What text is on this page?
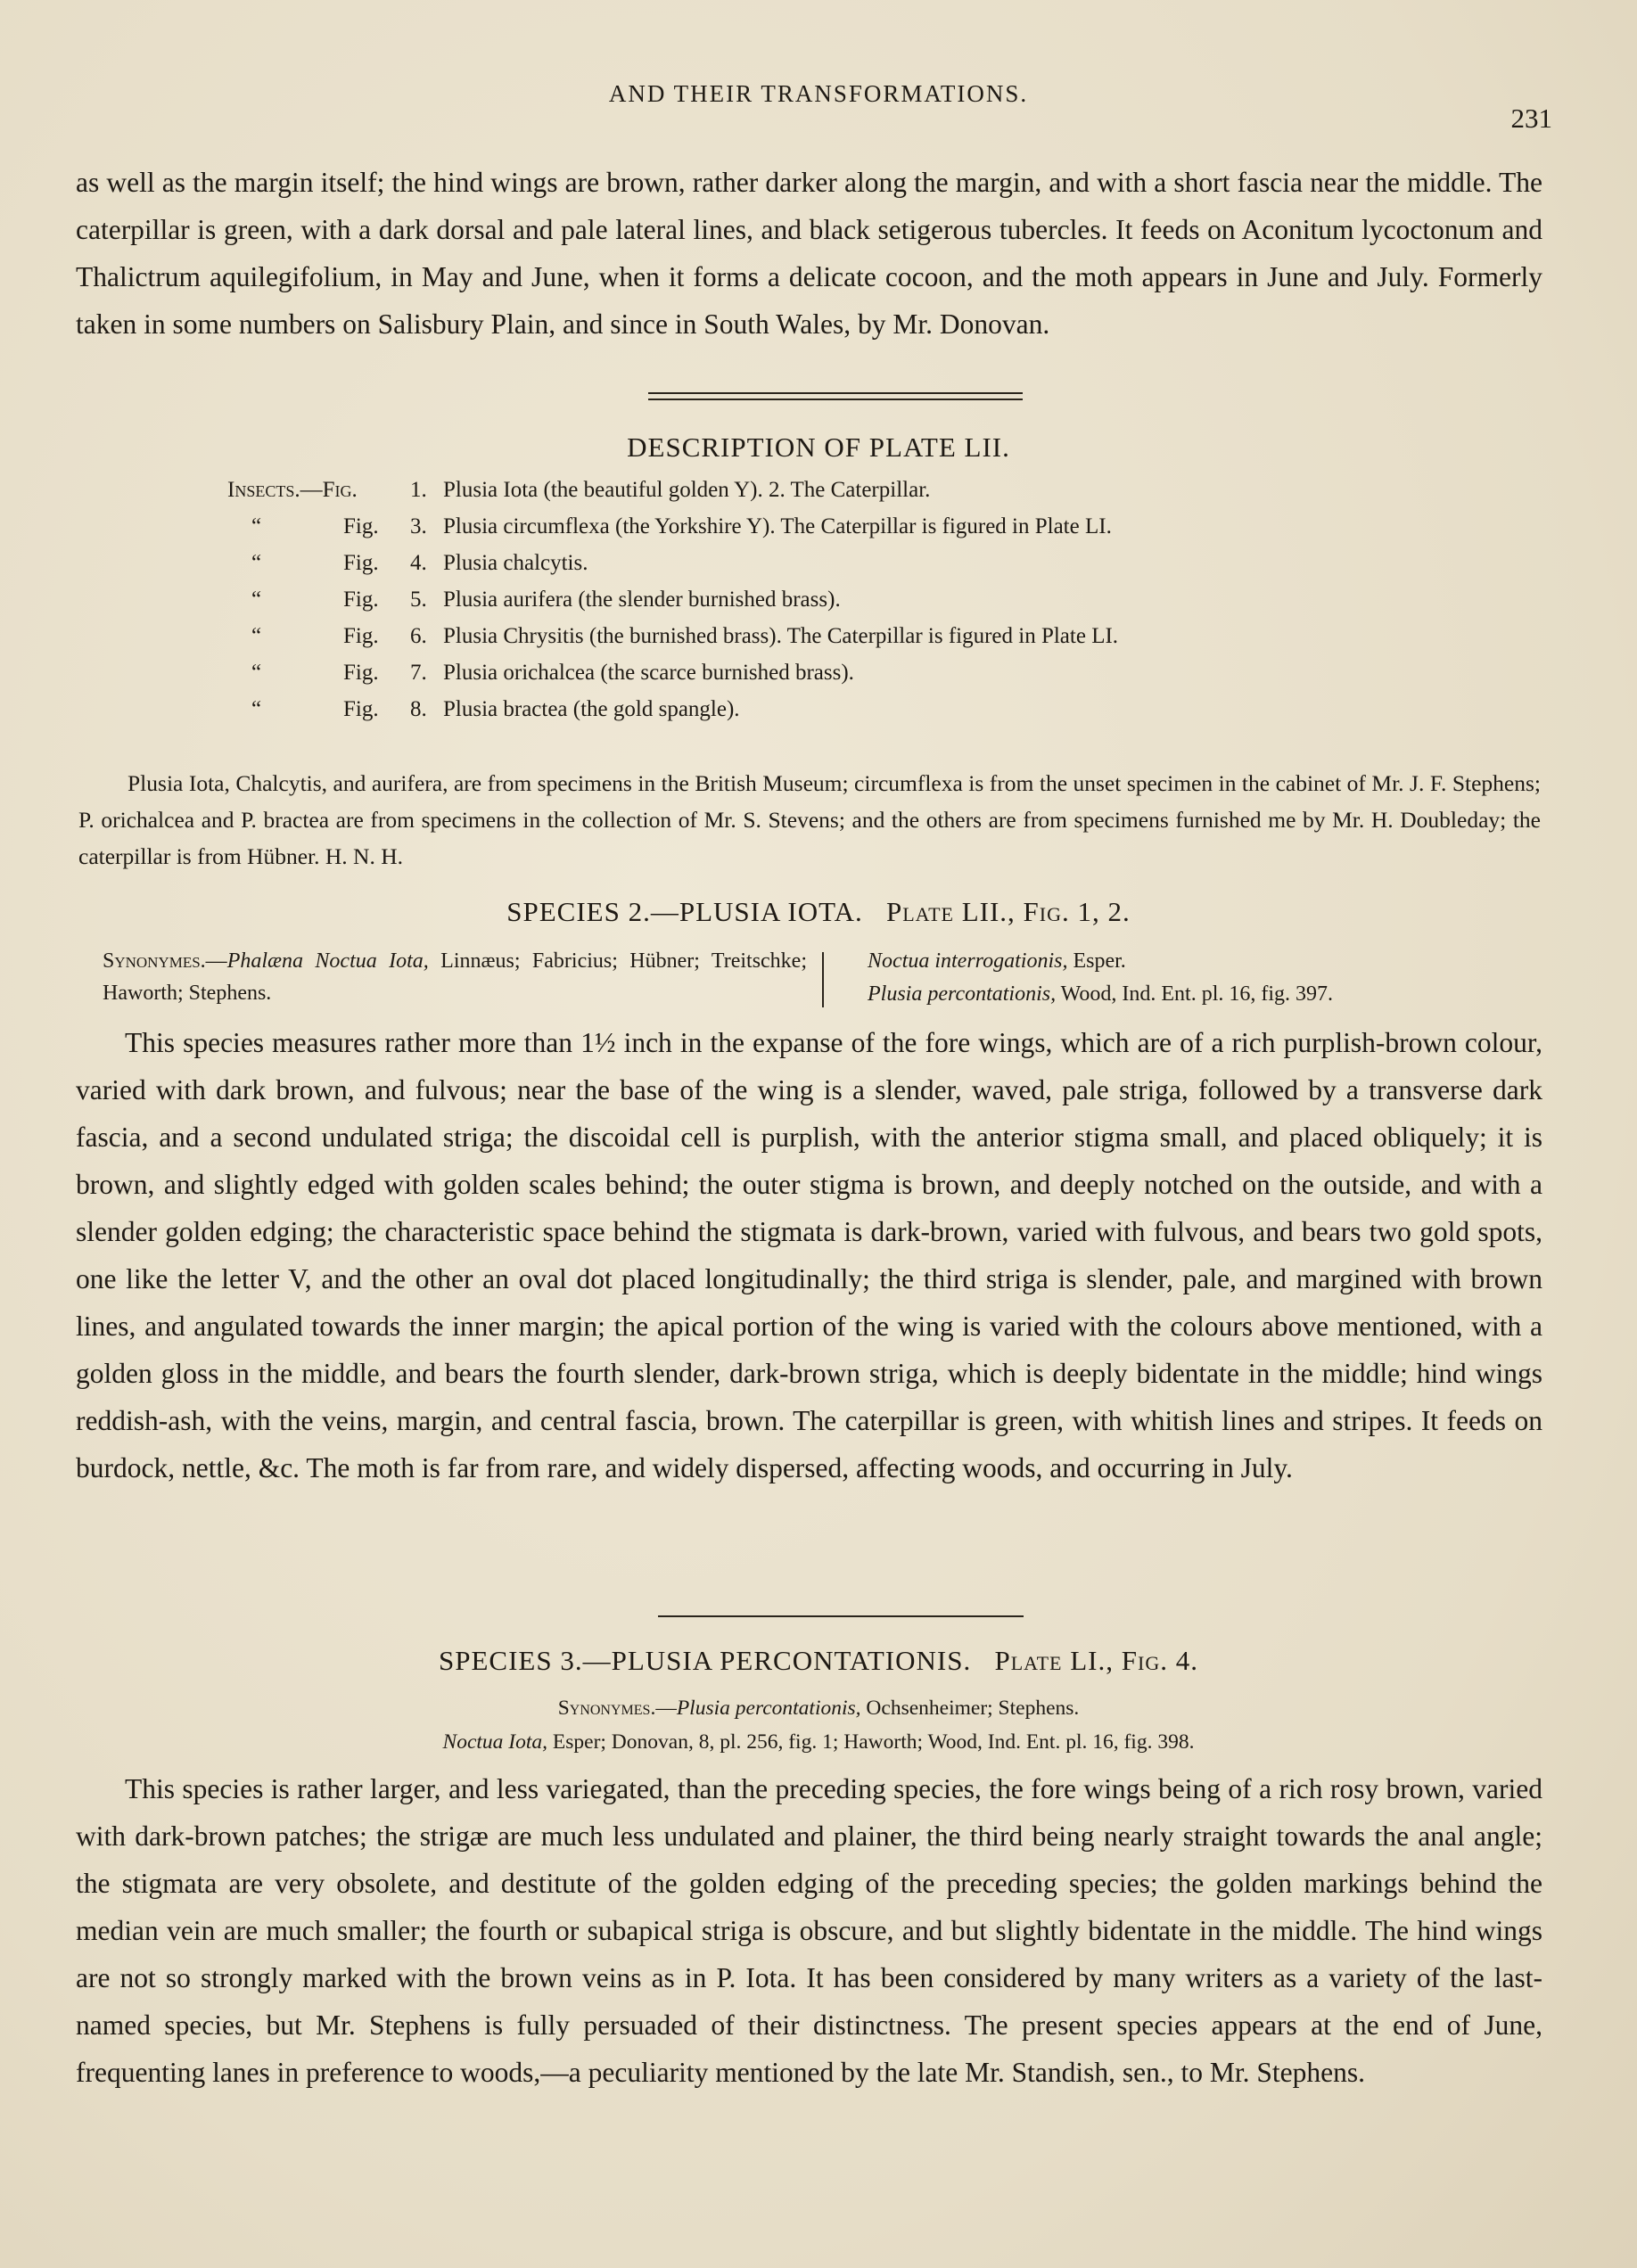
AND THEIR TRANSFORMATIONS.
231

as well as the margin itself; the hind wings are brown, rather darker along the margin, and with a short fascia near the middle. The caterpillar is green, with a dark dorsal and pale lateral lines, and black setigerous tubercles. It feeds on Aconitum lycoctonum and Thalictrum aquilegifolium, in May and June, when it forms a delicate cocoon, and the moth appears in June and July. Formerly taken in some numbers on Salisbury Plain, and since in South Wales, by Mr. Donovan.

DESCRIPTION OF PLATE LII.
Insects.—Fig. 1. Plusia Iota (the beautiful golden Y). 2. The Caterpillar.
“	Fig. 3. Plusia circumflexa (the Yorkshire Y). The Caterpillar is figured in Plate LI.
“	Fig. 4. Plusia chalcytis.
“	Fig. 5. Plusia aurifera (the slender burnished brass).
“	Fig. 6. Plusia Chrysitis (the burnished brass). The Caterpillar is figured in Plate LI.
“	Fig. 7. Plusia orichalcea (the scarce burnished brass).
“	Fig. 8. Plusia bractea (the gold spangle).

Plusia Iota, Chalcytis, and aurifera, are from specimens in the British Museum; circumflexa is from the unset specimen in the cabinet of Mr. J. F. Stephens; P. orichalcea and P. bractea are from specimens in the collection of Mr. S. Stevens; and the others are from specimens furnished me by Mr. H. Doubleday; the caterpillar is from Hübner. H. N. H.

SPECIES 2.—PLUSIA IOTA. Plate LII., Fig. 1, 2.
Synonymes.—Phalæna Noctua Iota, Linnæus; Fabricius; Hübner; Treitschke; Haworth; Stephens.
Noctua interrogationis, Esper.
Plusia percontationis, Wood, Ind. Ent. pl. 16, fig. 397.

This species measures rather more than 1½ inch in the expanse of the fore wings, which are of a rich purplish-brown colour, varied with dark brown, and fulvous; near the base of the wing is a slender, waved, pale striga, followed by a transverse dark fascia, and a second undulated striga; the discoidal cell is purplish, with the anterior stigma small, and placed obliquely; it is brown, and slightly edged with golden scales behind; the outer stigma is brown, and deeply notched on the outside, and with a slender golden edging; the characteristic space behind the stigmata is dark-brown, varied with fulvous, and bears two gold spots, one like the letter V, and the other an oval dot placed longitudinally; the third striga is slender, pale, and margined with brown lines, and angulated towards the inner margin; the apical portion of the wing is varied with the colours above mentioned, with a golden gloss in the middle, and bears the fourth slender, dark-brown striga, which is deeply bidentate in the middle; hind wings reddish-ash, with the veins, margin, and central fascia, brown. The caterpillar is green, with whitish lines and stripes. It feeds on burdock, nettle, &c. The moth is far from rare, and widely dispersed, affecting woods, and occurring in July.

SPECIES 3.—PLUSIA PERCONTATIONIS. Plate LI., Fig. 4.
Synonymes.—Plusia percontationis, Ochsenheimer; Stephens.
Noctua Iota, Esper; Donovan, 8, pl. 256, fig. 1; Haworth; Wood, Ind. Ent. pl. 16, fig. 398.

This species is rather larger, and less variegated, than the preceding species, the fore wings being of a rich rosy brown, varied with dark-brown patches; the strigæ are much less undulated and plainer, the third being nearly straight towards the anal angle; the stigmata are very obsolete, and destitute of the golden edging of the preceding species; the golden markings behind the median vein are much smaller; the fourth or subapical striga is obscure, and but slightly bidentate in the middle. The hind wings are not so strongly marked with the brown veins as in P. Iota. It has been considered by many writers as a variety of the last-named species, but Mr. Stephens is fully persuaded of their distinctness. The present species appears at the end of June, frequenting lanes in preference to woods,—a peculiarity mentioned by the late Mr. Standish, sen., to Mr. Stephens.
